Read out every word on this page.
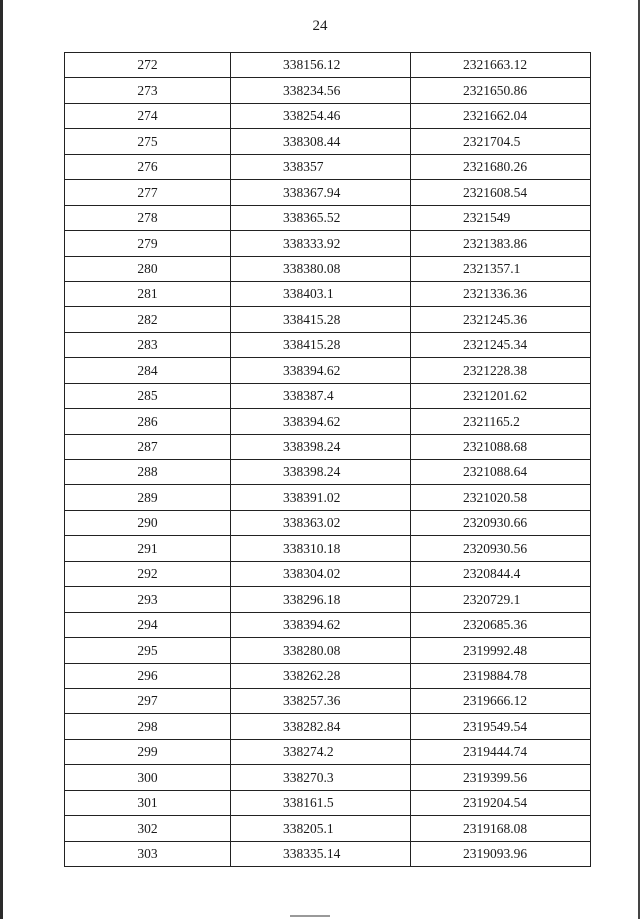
24
272	338156.12	2321663.12
273	338234.56	2321650.86
274	338254.46	2321662.04
275	338308.44	2321704.5
276	338357	2321680.26
277	338367.94	2321608.54
278	338365.52	2321549
279	338333.92	2321383.86
280	338380.08	2321357.1
281	338403.1	2321336.36
282	338415.28	2321245.36
283	338415.28	2321245.34
284	338394.62	2321228.38
285	338387.4	2321201.62
286	338394.62	2321165.2
287	338398.24	2321088.68
288	338398.24	2321088.64
289	338391.02	2321020.58
290	338363.02	2320930.66
291	338310.18	2320930.56
292	338304.02	2320844.4
293	338296.18	2320729.1
294	338394.62	2320685.36
295	338280.08	2319992.48
296	338262.28	2319884.78
297	338257.36	2319666.12
298	338282.84	2319549.54
299	338274.2	2319444.74
300	338270.3	2319399.56
301	338161.5	2319204.54
302	338205.1	2319168.08
303	338335.14	2319093.96
